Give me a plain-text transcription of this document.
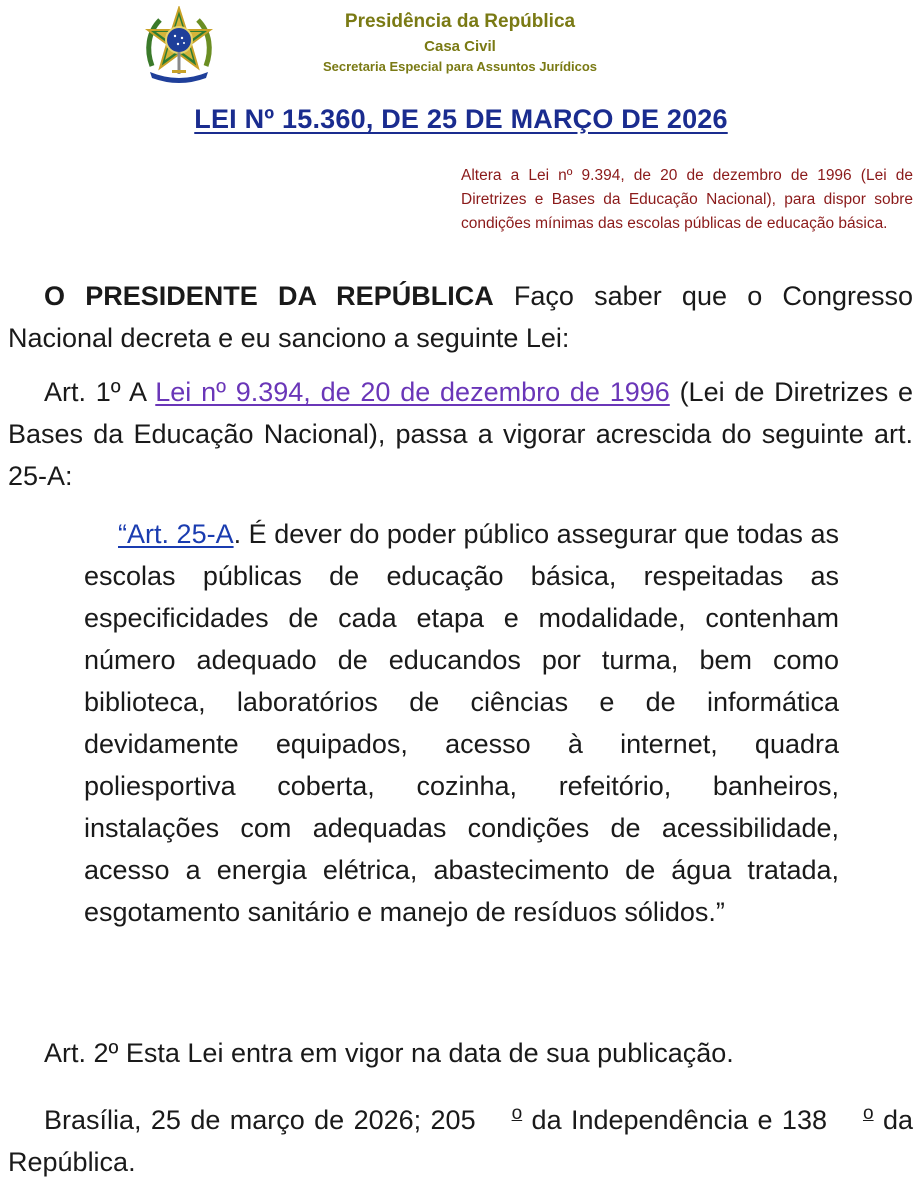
Presidência da República
Casa Civil
Secretaria Especial para Assuntos Jurídicos
LEI Nº 15.360, DE 25 DE MARÇO DE 2026
Altera a Lei nº 9.394, de 20 de dezembro de 1996 (Lei de Diretrizes e Bases da Educação Nacional), para dispor sobre condições mínimas das escolas públicas de educação básica.

O PRESIDENTE DA REPÚBLICA Faço saber que o Congresso Nacional decreta e eu sanciono a seguinte Lei:

Art. 1º A Lei nº 9.394, de 20 de dezembro de 1996 (Lei de Diretrizes e Bases da Educação Nacional), passa a vigorar acrescida do seguinte art. 25-A:

“Art. 25-A. É dever do poder público assegurar que todas as escolas públicas de educação básica, respeitadas as especificidades de cada etapa e modalidade, contenham número adequado de educandos por turma, bem como biblioteca, laboratórios de ciências e de informática devidamente equipados, acesso à internet, quadra poliesportiva coberta, cozinha, refeitório, banheiros, instalações com adequadas condições de acessibilidade, acesso a energia elétrica, abastecimento de água tratada, esgotamento sanitário e manejo de resíduos sólidos.”

Art. 2º Esta Lei entra em vigor na data de sua publicação.

Brasília, 25 de março de 2026; 205 o da Independência e 138 o da República.
